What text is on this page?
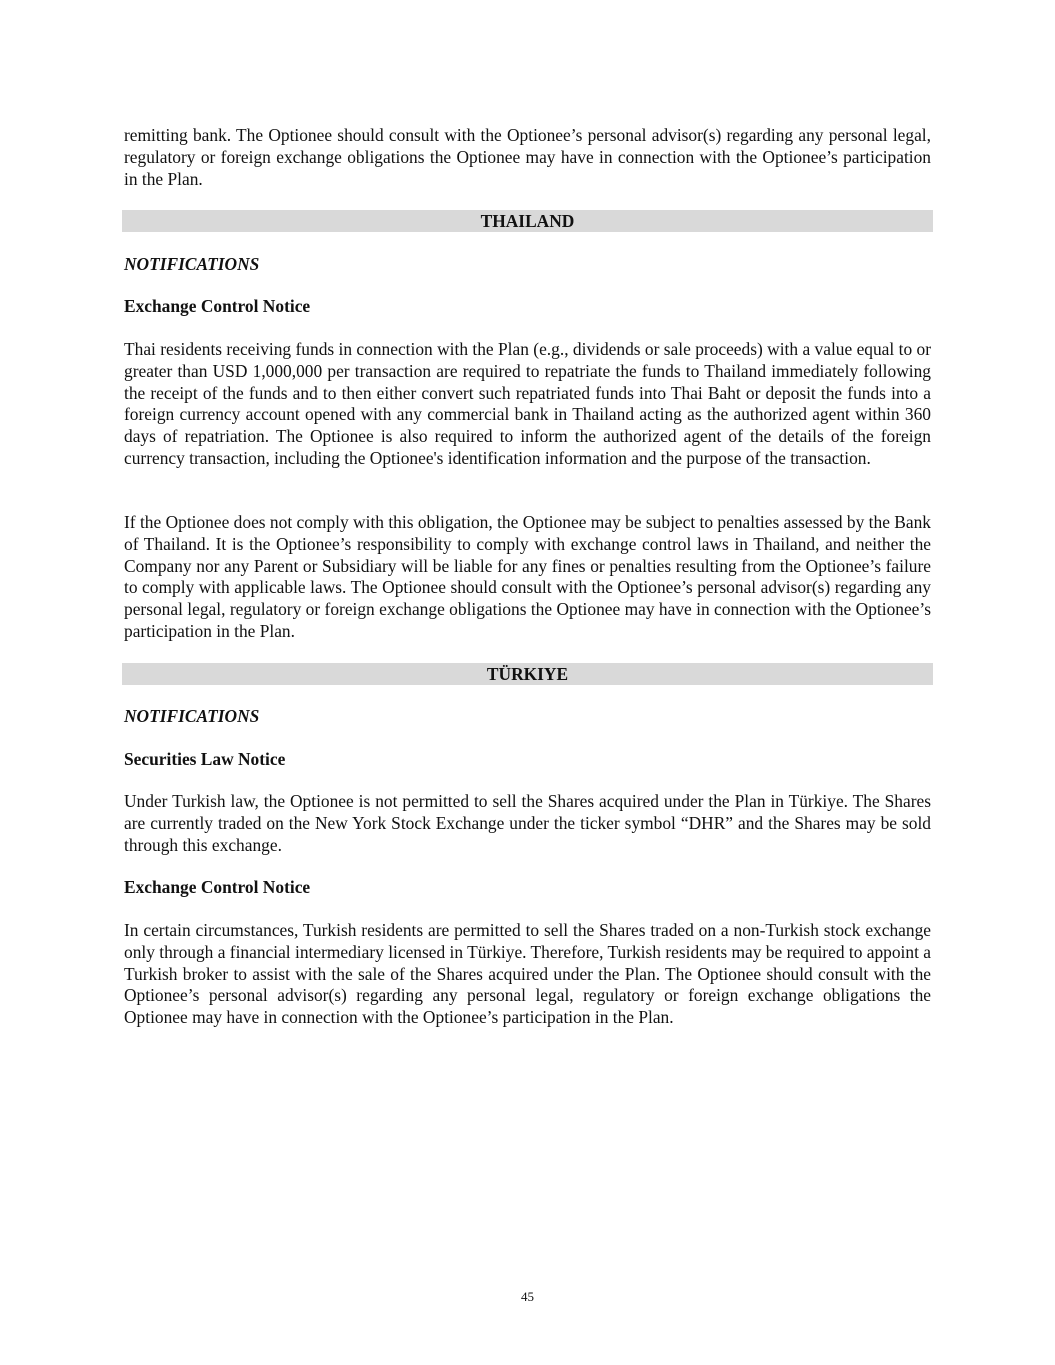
remitting bank. The Optionee should consult with the Optionee’s personal advisor(s) regarding any personal legal, regulatory or foreign exchange obligations the Optionee may have in connection with the Optionee’s participation in the Plan.

THAILAND
NOTIFICATIONS
Exchange Control Notice

Thai residents receiving funds in connection with the Plan (e.g., dividends or sale proceeds) with a value equal to or greater than USD 1,000,000 per transaction are required to repatriate the funds to Thailand immediately following the receipt of the funds and to then either convert such repatriated funds into Thai Baht or deposit the funds into a foreign currency account opened with any commercial bank in Thailand acting as the authorized agent within 360 days of repatriation. The Optionee is also required to inform the authorized agent of the details of the foreign currency transaction, including the Optionee's identification information and the purpose of the transaction.

If the Optionee does not comply with this obligation, the Optionee may be subject to penalties assessed by the Bank of Thailand. It is the Optionee’s responsibility to comply with exchange control laws in Thailand, and neither the Company nor any Parent or Subsidiary will be liable for any fines or penalties resulting from the Optionee’s failure to comply with applicable laws. The Optionee should consult with the Optionee’s personal advisor(s) regarding any personal legal, regulatory or foreign exchange obligations the Optionee may have in connection with the Optionee’s participation in the Plan.

TÜRKIYE
NOTIFICATIONS
Securities Law Notice

Under Turkish law, the Optionee is not permitted to sell the Shares acquired under the Plan in Türkiye. The Shares are currently traded on the New York Stock Exchange under the ticker symbol “DHR” and the Shares may be sold through this exchange.

Exchange Control Notice

In certain circumstances, Turkish residents are permitted to sell the Shares traded on a non-Turkish stock exchange only through a financial intermediary licensed in Türkiye. Therefore, Turkish residents may be required to appoint a Turkish broker to assist with the sale of the Shares acquired under the Plan. The Optionee should consult with the Optionee’s personal advisor(s) regarding any personal legal, regulatory or foreign exchange obligations the Optionee may have in connection with the Optionee’s participation in the Plan.

45
